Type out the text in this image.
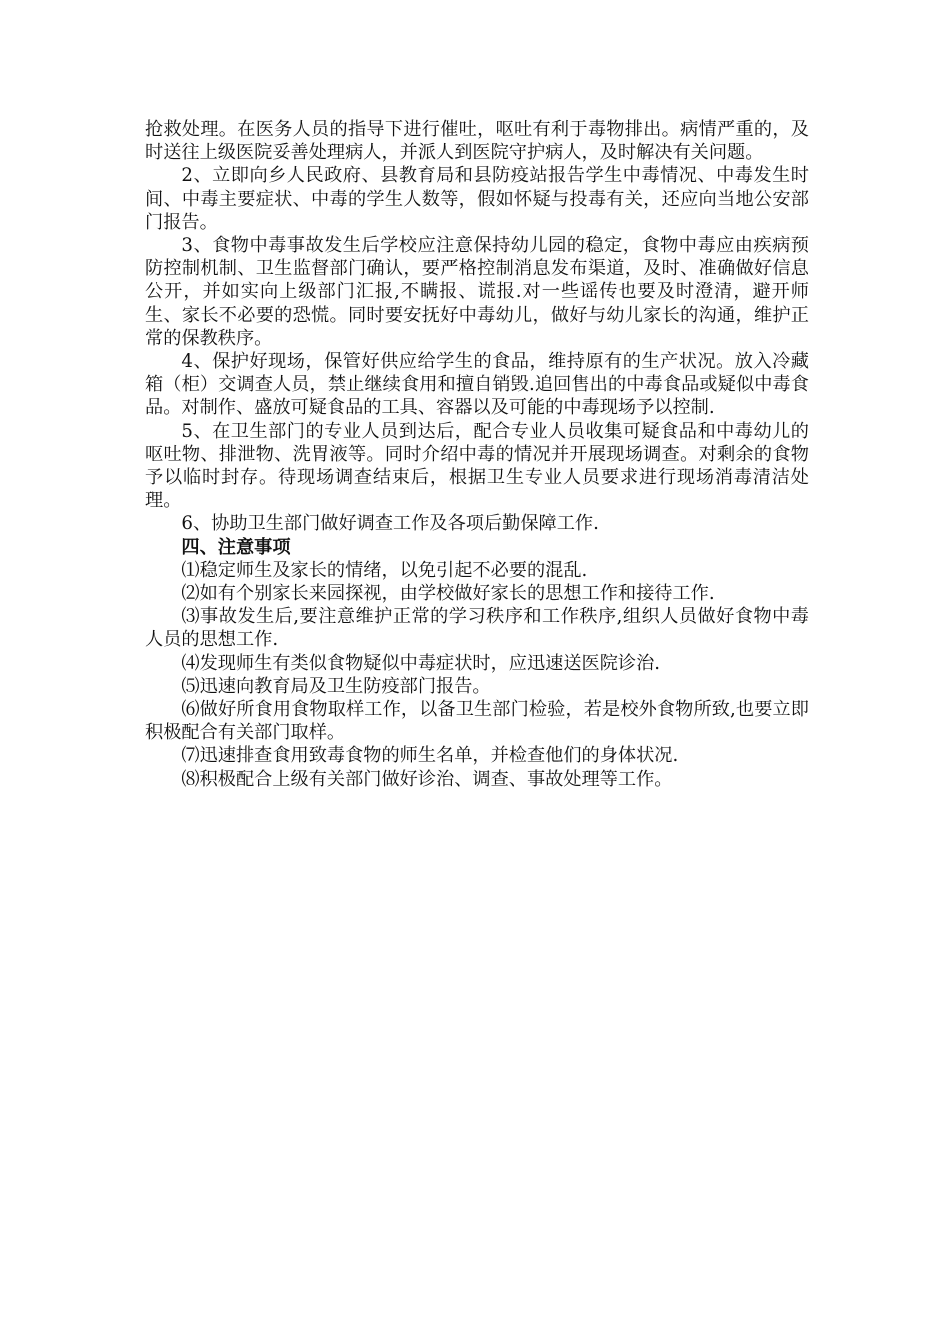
抢救处理。在医务人员的指导下进行催吐，呕吐有利于毒物排出。病情严重的，及时送往上级医院妥善处理病人，并派人到医院守护病人，及时解决有关问题。

2、立即向乡人民政府、县教育局和县防疫站报告学生中毒情况、中毒发生时间、中毒主要症状、中毒的学生人数等，假如怀疑与投毒有关，还应向当地公安部门报告。

3、食物中毒事故发生后学校应注意保持幼儿园的稳定，食物中毒应由疾病预防控制机制、卫生监督部门确认，要严格控制消息发布渠道，及时、准确做好信息公开，并如实向上级部门汇报,不瞒报、谎报.对一些谣传也要及时澄清，避开师生、家长不必要的恐慌。同时要安抚好中毒幼儿，做好与幼儿家长的沟通，维护正常的保教秩序。

4、保护好现场，保管好供应给学生的食品，维持原有的生产状况。放入冷藏箱（柜）交调查人员，禁止继续食用和擅自销毁.追回售出的中毒食品或疑似中毒食品。对制作、盛放可疑食品的工具、容器以及可能的中毒现场予以控制.

5、在卫生部门的专业人员到达后，配合专业人员收集可疑食品和中毒幼儿的呕吐物、排泄物、洗胃液等。同时介绍中毒的情况并开展现场调查。对剩余的食物予以临时封存。待现场调查结束后，根据卫生专业人员要求进行现场消毒清洁处理。

6、协助卫生部门做好调查工作及各项后勤保障工作.

四、注意事项

⑴稳定师生及家长的情绪，以免引起不必要的混乱.

⑵如有个别家长来园探视，由学校做好家长的思想工作和接待工作.

⑶事故发生后,要注意维护正常的学习秩序和工作秩序,组织人员做好食物中毒人员的思想工作.

⑷发现师生有类似食物疑似中毒症状时，应迅速送医院诊治.

⑸迅速向教育局及卫生防疫部门报告。

⑹做好所食用食物取样工作，以备卫生部门检验，若是校外食物所致,也要立即积极配合有关部门取样。

⑺迅速排查食用致毒食物的师生名单，并检查他们的身体状况.

⑻积极配合上级有关部门做好诊治、调查、事故处理等工作。
